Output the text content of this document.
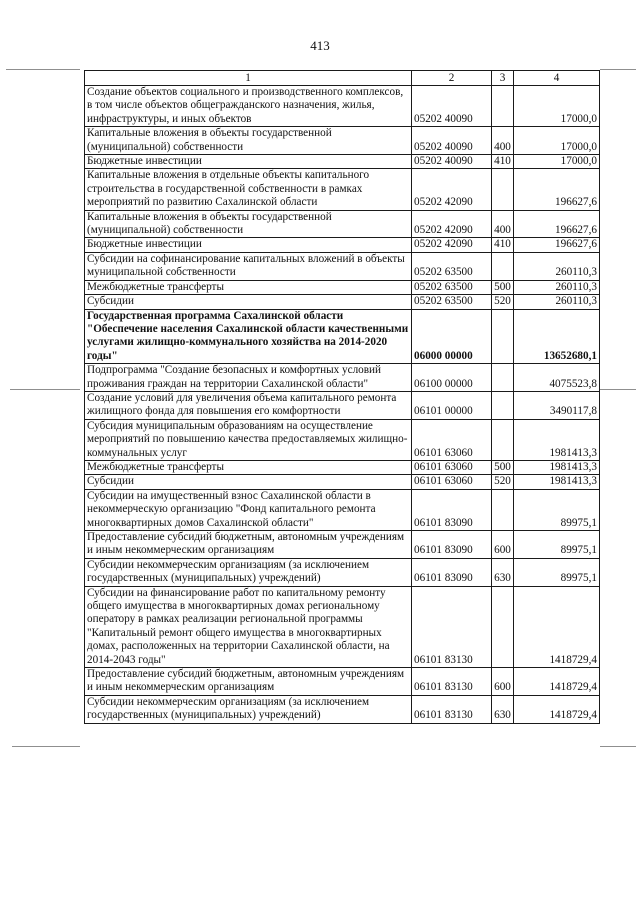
413
1	2	3	4
Создание объектов социального и производственного комплексов, в том числе объектов общегражданского назначения, жилья, инфраструктуры, и иных объектов	05202 40090		17000,0
Капитальные вложения в объекты государственной (муниципальной) собственности	05202 40090	400	17000,0
Бюджетные инвестиции	05202 40090	410	17000,0
Капитальные вложения в отдельные объекты капитального строительства в государственной собственности в рамках мероприятий по развитию Сахалинской области	05202 42090		196627,6
Капитальные вложения в объекты государственной (муниципальной) собственности	05202 42090	400	196627,6
Бюджетные инвестиции	05202 42090	410	196627,6
Субсидии на софинансирование капитальных вложений в объекты муниципальной собственности	05202 63500		260110,3
Межбюджетные трансферты	05202 63500	500	260110,3
Субсидии	05202 63500	520	260110,3
Государственная программа Сахалинской области "Обеспечение населения Сахалинской области качественными услугами жилищно-коммунального хозяйства на 2014-2020 годы"	06000 00000		13652680,1
Подпрограмма "Создание безопасных и комфортных условий проживания граждан на территории Сахалинской области"	06100 00000		4075523,8
Создание условий для увеличения объема капитального ремонта жилищного фонда для повышения его комфортности	06101 00000		3490117,8
Субсидия муниципальным образованиям на осуществление мероприятий по повышению качества предоставляемых жилищно-коммунальных услуг	06101 63060		1981413,3
Межбюджетные трансферты	06101 63060	500	1981413,3
Субсидии	06101 63060	520	1981413,3
Субсидии на имущественный взнос Сахалинской области в некоммерческую организацию "Фонд капитального ремонта многоквартирных домов Сахалинской области"	06101 83090		89975,1
Предоставление субсидий бюджетным, автономным учреждениям и иным некоммерческим организациям	06101 83090	600	89975,1
Субсидии некоммерческим организациям (за исключением государственных (муниципальных) учреждений)	06101 83090	630	89975,1
Субсидии на финансирование работ по капитальному ремонту общего имущества в многоквартирных домах региональному оператору в рамках реализации региональной программы "Капитальный ремонт общего имущества в многоквартирных домах, расположенных на территории Сахалинской области, на 2014-2043 годы"	06101 83130		1418729,4
Предоставление субсидий бюджетным, автономным учреждениям и иным некоммерческим организациям	06101 83130	600	1418729,4
Субсидии некоммерческим организациям (за исключением государственных (муниципальных) учреждений)	06101 83130	630	1418729,4
